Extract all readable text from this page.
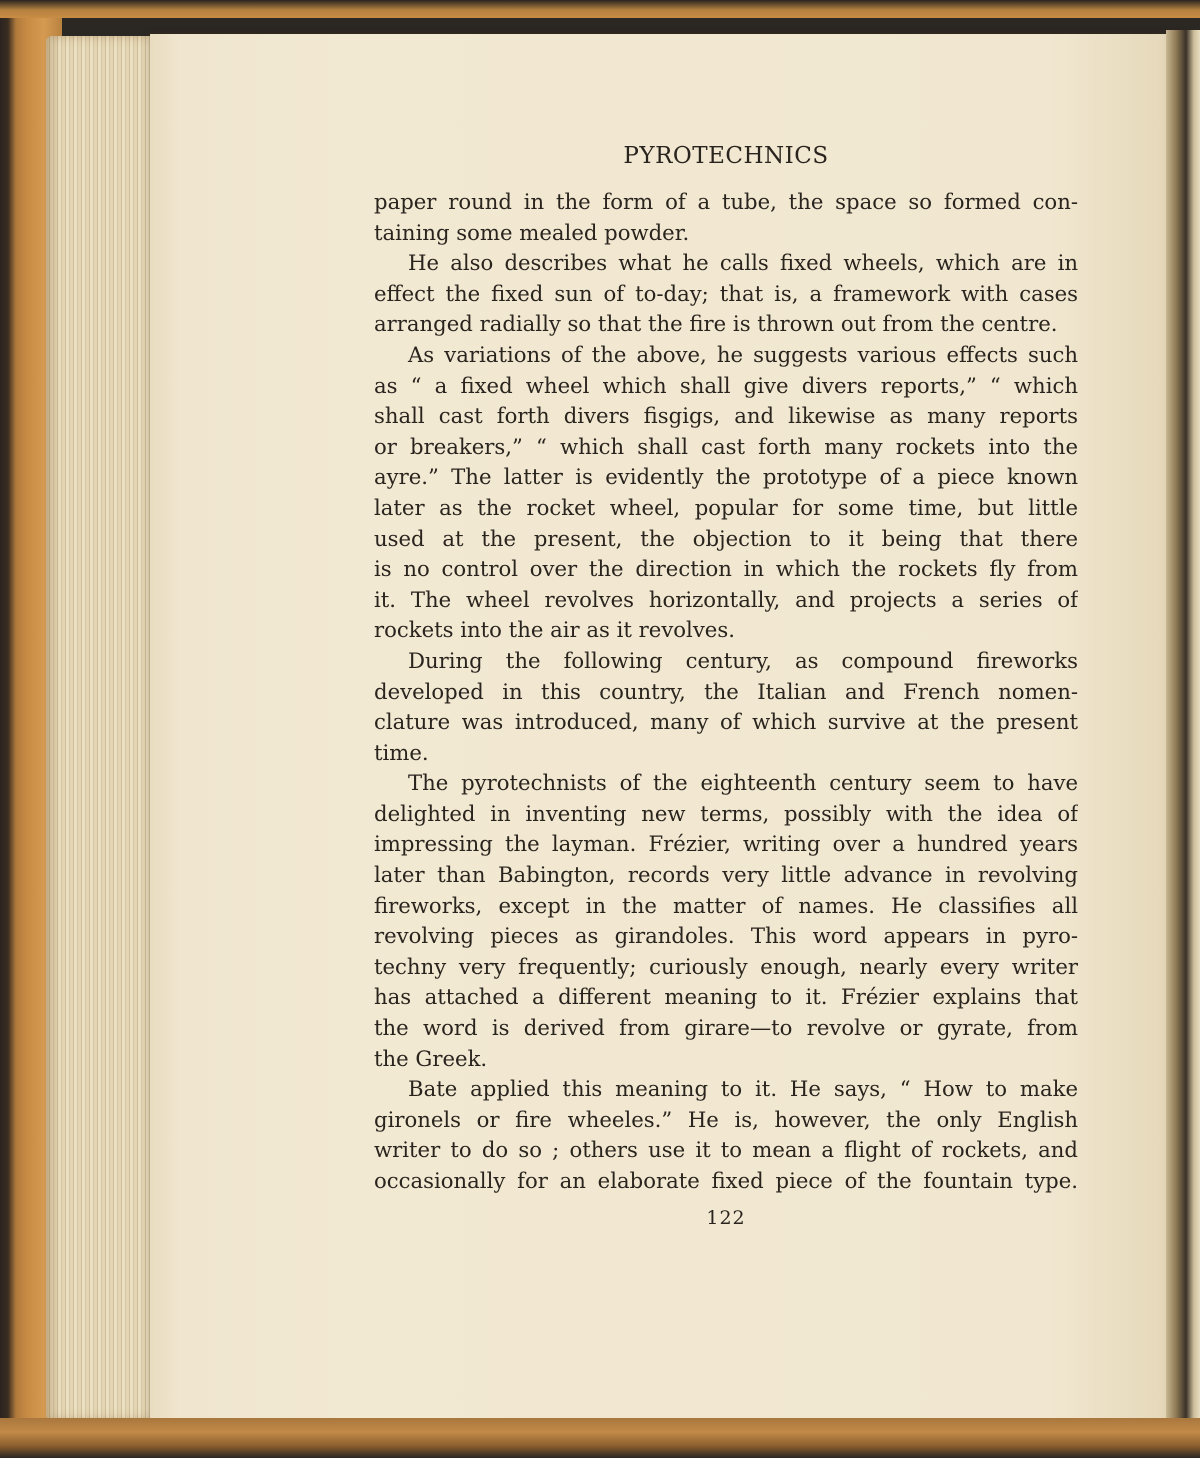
PYROTECHNICS
paper round in the form of a tube, the space so formed con-
taining some mealed powder.
He also describes what he calls fixed wheels, which are in
effect the fixed sun of to-day; that is, a framework with cases
arranged radially so that the fire is thrown out from the centre.
As variations of the above, he suggests various effects such
as “ a fixed wheel which shall give divers reports,” “ which
shall cast forth divers fisgigs, and likewise as many reports
or breakers,” “ which shall cast forth many rockets into the
ayre.” The latter is evidently the prototype of a piece known
later as the rocket wheel, popular for some time, but little
used at the present, the objection to it being that there
is no control over the direction in which the rockets fly from
it. The wheel revolves horizontally, and projects a series of
rockets into the air as it revolves.
During the following century, as compound fireworks
developed in this country, the Italian and French nomen-
clature was introduced, many of which survive at the present
time.
The pyrotechnists of the eighteenth century seem to have
delighted in inventing new terms, possibly with the idea of
impressing the layman. Frézier, writing over a hundred years
later than Babington, records very little advance in revolving
fireworks, except in the matter of names. He classifies all
revolving pieces as girandoles. This word appears in pyro-
techny very frequently; curiously enough, nearly every writer
has attached a different meaning to it. Frézier explains that
the word is derived from girare—to revolve or gyrate, from
the Greek.
Bate applied this meaning to it. He says, “ How to make
gironels or fire wheeles.” He is, however, the only English
writer to do so ; others use it to mean a flight of rockets, and
occasionally for an elaborate fixed piece of the fountain type.
122
